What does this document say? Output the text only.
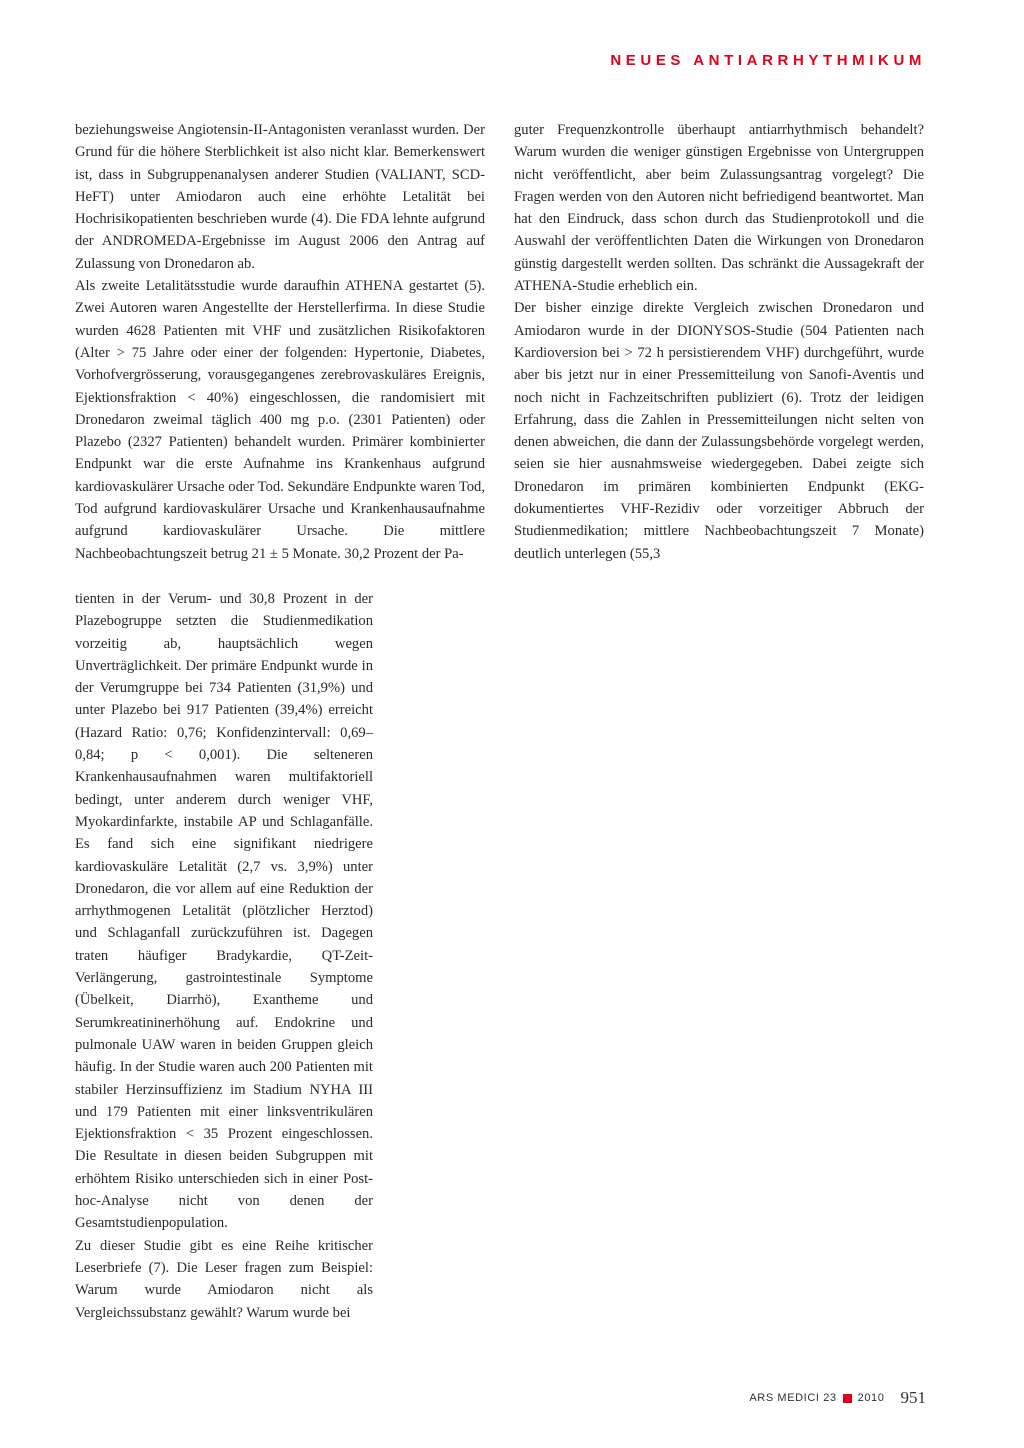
NEUES ANTIARRHYTHMIKUM

beziehungsweise Angiotensin-II-Antagonisten veranlasst wurden. Der Grund für die höhere Sterblichkeit ist also nicht klar. Bemerkenswert ist, dass in Subgruppenanalysen anderer Studien (VALIANT, SCD-HeFT) unter Amiodaron auch eine erhöhte Letalität bei Hochrisikopatienten beschrieben wurde (4). Die FDA lehnte aufgrund der ANDROMEDA-Ergebnisse im August 2006 den Antrag auf Zulassung von Dronedaron ab.

Als zweite Letalitätsstudie wurde daraufhin ATHENA gestartet (5). Zwei Autoren waren Angestellte der Herstellerfirma. In diese Studie wurden 4628 Patienten mit VHF und zusätzlichen Risikofaktoren (Alter > 75 Jahre oder einer der folgenden: Hypertonie, Diabetes, Vorhofvergrösserung, vorausgegangenes zerebrovaskuläres Ereignis, Ejektionsfraktion < 40%) eingeschlossen, die randomisiert mit Dronedaron zweimal täglich 400 mg p.o. (2301 Patienten) oder Plazebo (2327 Patienten) behandelt wurden. Primärer kombinierter Endpunkt war die erste Aufnahme ins Krankenhaus aufgrund kardiovaskulärer Ursache oder Tod. Sekundäre Endpunkte waren Tod, Tod aufgrund kardiovaskulärer Ursache und Krankenhausaufnahme aufgrund kardiovaskulärer Ursache. Die mittlere Nachbeobachtungszeit betrug 21 ± 5 Monate. 30,2 Prozent der Pa-

tienten in der Verum- und 30,8 Prozent in der Plazebogruppe setzten die Studienmedikation vorzeitig ab, hauptsächlich wegen Unverträglichkeit. Der primäre Endpunkt wurde in der Verumgruppe bei 734 Patienten (31,9%) und unter Plazebo bei 917 Patienten (39,4%) erreicht (Hazard Ratio: 0,76; Konfidenzintervall: 0,69–0,84; p < 0,001). Die selteneren Krankenhausaufnahmen waren multifaktoriell bedingt, unter anderem durch weniger VHF, Myokardinfarkte, instabile AP und Schlaganfälle. Es fand sich eine signifikant niedrigere kardiovaskuläre Letalität (2,7 vs. 3,9%) unter Dronedaron, die vor allem auf eine Reduktion der arrhythmogenen Letalität (plötzlicher Herztod) und Schlaganfall zurückzuführen ist. Dagegen traten häufiger Bradykardie, QT-Zeit-Verlängerung, gastrointestinale Symptome (Übelkeit, Diarrhö), Exantheme und Serumkreatininerhöhung auf. Endokrine und pulmonale UAW waren in beiden Gruppen gleich häufig. In der Studie waren auch 200 Patienten mit stabiler Herzinsuffizienz im Stadium NYHA III und 179 Patienten mit einer linksventrikulären Ejektionsfraktion < 35 Prozent eingeschlossen. Die Resultate in diesen beiden Subgruppen mit erhöhtem Risiko unterschieden sich in einer Post-hoc-Analyse nicht von denen der Gesamtstudienpopulation.

Zu dieser Studie gibt es eine Reihe kritischer Leserbriefe (7). Die Leser fragen zum Beispiel: Warum wurde Amiodaron nicht als Vergleichssubstanz gewählt? Warum wurde bei

guter Frequenzkontrolle überhaupt antiarrhythmisch behandelt? Warum wurden die weniger günstigen Ergebnisse von Untergruppen nicht veröffentlicht, aber beim Zulassungsantrag vorgelegt? Die Fragen werden von den Autoren nicht befriedigend beantwortet. Man hat den Eindruck, dass schon durch das Studienprotokoll und die Auswahl der veröffentlichten Daten die Wirkungen von Dronedaron günstig dargestellt werden sollten. Das schränkt die Aussagekraft der ATHENA-Studie erheblich ein.

Der bisher einzige direkte Vergleich zwischen Dronedaron und Amiodaron wurde in der DIONYSOS-Studie (504 Patienten nach Kardioversion bei > 72 h persistierendem VHF) durchgeführt, wurde aber bis jetzt nur in einer Pressemitteilung von Sanofi-Aventis und noch nicht in Fachzeitschriften publiziert (6). Trotz der leidigen Erfahrung, dass die Zahlen in Pressemitteilungen nicht selten von denen abweichen, die dann der Zulassungsbehörde vorgelegt werden, seien sie hier ausnahmsweise wiedergegeben. Dabei zeigte sich Dronedaron im primären kombinierten Endpunkt (EKG-dokumentiertes VHF-Rezidiv oder vorzeitiger Abbruch der Studienmedikation; mittlere Nachbeobachtungszeit 7 Monate) deutlich unterlegen (55,3

ARS MEDICI 23 2010 951
